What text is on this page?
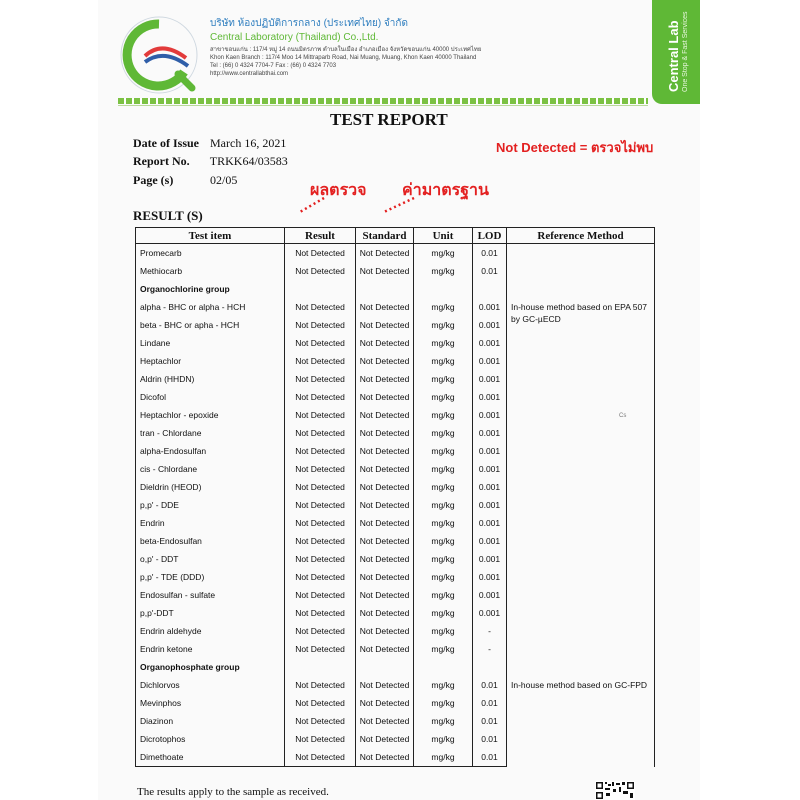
บริษัท ห้องปฏิบัติการกลาง (ประเทศไทย) จำกัด
Central Laboratory (Thailand) Co.,Ltd.
สาขาขอนแก่น : 117/4 หมู่ 14 ถนนมิตรภาพ ตำบลในเมือง อำเภอเมือง จังหวัดขอนแก่น 40000 ประเทศไทย
Khon Kaen Branch : 117/4 Moo 14 Mittraparb Road, Nai Muang, Muang, Khon Kaen 40000 Thailand
Tel : (66) 0 4324 7704-7 Fax : (66) 0 4324 7703
http://www.centrallabthai.com	Central Lab One Stop & Fast Services
TEST REPORT
Date of Issue March 16, 2021
Report No. TRKK64/03583
Page (s)	02/05
Not Detected = ตรวจไม่พบ
ผลตรวจ ค่ามาตรฐาน
RESULT (S)
Test item	Result	Standard	Unit	LOD	Reference Method
Promecarb	Not Detected	Not Detected	mg/kg	0.01	
Methiocarb	Not Detected	Not Detected	mg/kg	0.01	
Organochlorine group					
alpha - BHC or alpha - HCH	Not Detected	Not Detected	mg/kg	0.001	In-house method based on EPA 507 by GC-µECD
beta - BHC or apha - HCH	Not Detected	Not Detected	mg/kg	0.001	
Lindane	Not Detected	Not Detected	mg/kg	0.001	
Heptachlor	Not Detected	Not Detected	mg/kg	0.001	
Aldrin (HHDN)	Not Detected	Not Detected	mg/kg	0.001	
Dicofol	Not Detected	Not Detected	mg/kg	0.001	
Heptachlor - epoxide	Not Detected	Not Detected	mg/kg	0.001	
tran - Chlordane	Not Detected	Not Detected	mg/kg	0.001	
alpha-Endosulfan	Not Detected	Not Detected	mg/kg	0.001	
cis - Chlordane	Not Detected	Not Detected	mg/kg	0.001	
Dieldrin (HEOD)	Not Detected	Not Detected	mg/kg	0.001	
p,p' - DDE	Not Detected	Not Detected	mg/kg	0.001	
Endrin	Not Detected	Not Detected	mg/kg	0.001	
beta-Endosulfan	Not Detected	Not Detected	mg/kg	0.001	
o,p' - DDT	Not Detected	Not Detected	mg/kg	0.001	
p,p' - TDE (DDD)	Not Detected	Not Detected	mg/kg	0.001	
Endosulfan - sulfate	Not Detected	Not Detected	mg/kg	0.001	
p,p'-DDT	Not Detected	Not Detected	mg/kg	0.001	
Endrin aldehyde	Not Detected	Not Detected	mg/kg	-	
Endrin ketone	Not Detected	Not Detected	mg/kg	-	
Organophosphate group					
Dichlorvos	Not Detected	Not Detected	mg/kg	0.01	In-house method based on GC-FPD
Mevinphos	Not Detected	Not Detected	mg/kg	0.01	
Diazinon	Not Detected	Not Detected	mg/kg	0.01	
Dicrotophos	Not Detected	Not Detected	mg/kg	0.01	
Dimethoate	Not Detected	Not Detected	mg/kg	0.01	
Cs
The results apply to the sample as received.
